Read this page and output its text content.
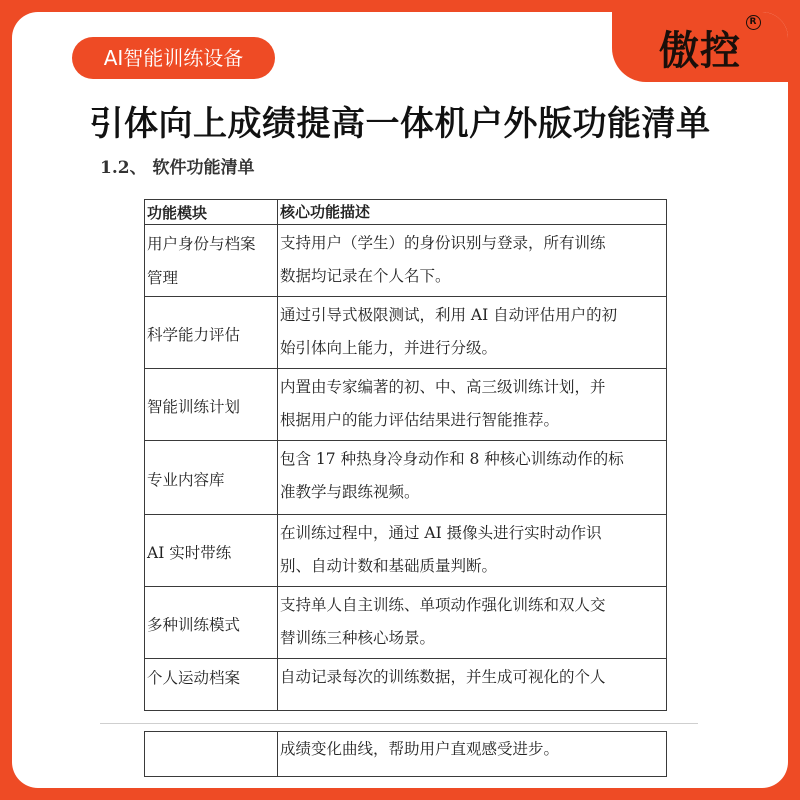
傲控
R
AI智能训练设备
引体向上成绩提高一体机户外版功能清单
1.2、 软件功能清单
功能模块	核心功能描述
用户身份与档案
管理
支持用户（学生）的身份识别与登录，所有训练
数据均记录在个人名下。
科学能力评估
通过引导式极限测试，利用 AI 自动评估用户的初
始引体向上能力，并进行分级。
智能训练计划
内置由专家编著的初、中、高三级训练计划，并
根据用户的能力评估结果进行智能推荐。
专业内容库
包含 17 种热身冷身动作和 8 种核心训练动作的标
准教学与跟练视频。
AI 实时带练
在训练过程中，通过 AI 摄像头进行实时动作识
别、自动计数和基础质量判断。
多种训练模式
支持单人自主训练、单项动作强化训练和双人交
替训练三种核心场景。
个人运动档案	自动记录每次的训练数据，并生成可视化的个人
成绩变化曲线，帮助用户直观感受进步。
